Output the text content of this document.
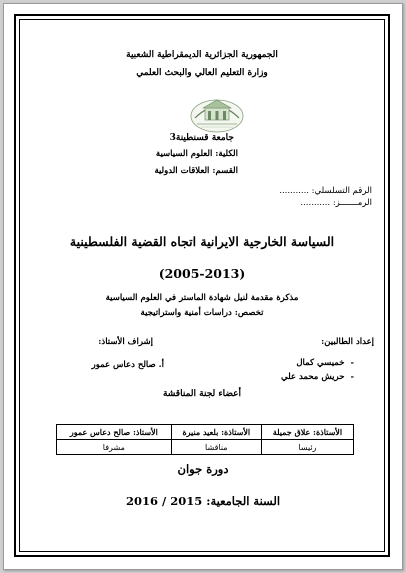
الجمهورية الجزائرية الديمقراطية الشعبية
وزارة التعليم العالي والبحث العلمي
جامعة قسنطينة3
الكلية: العلوم السياسية
القسم: العلاقات الدولية
الرقم التسلسلي: ...........
الرمـــــــز: ...........
السياسة الخارجية الايرانية اتجاه القضية الفلسطينية
(2005-2013)
مذكرة مقدمة لنيل شهادة الماستر في العلوم السياسية
تخصص: دراسات أمنية واستراتيجية
إعداد الطالبين:
إشراف الأستاذ:
-خميسي كمال
-حريش محمد علي
أ. صالح دعاس عمور
أعضاء لجنة المناقشة
الأستاذة: علاق جميلة	الأستاذة: بلعيد منيرة	الأستاذ: صالح دعاس عمور
رئيسا	مناقشا	مشرفا
دورة جوان
السنة الجامعية: 2015 / 2016
